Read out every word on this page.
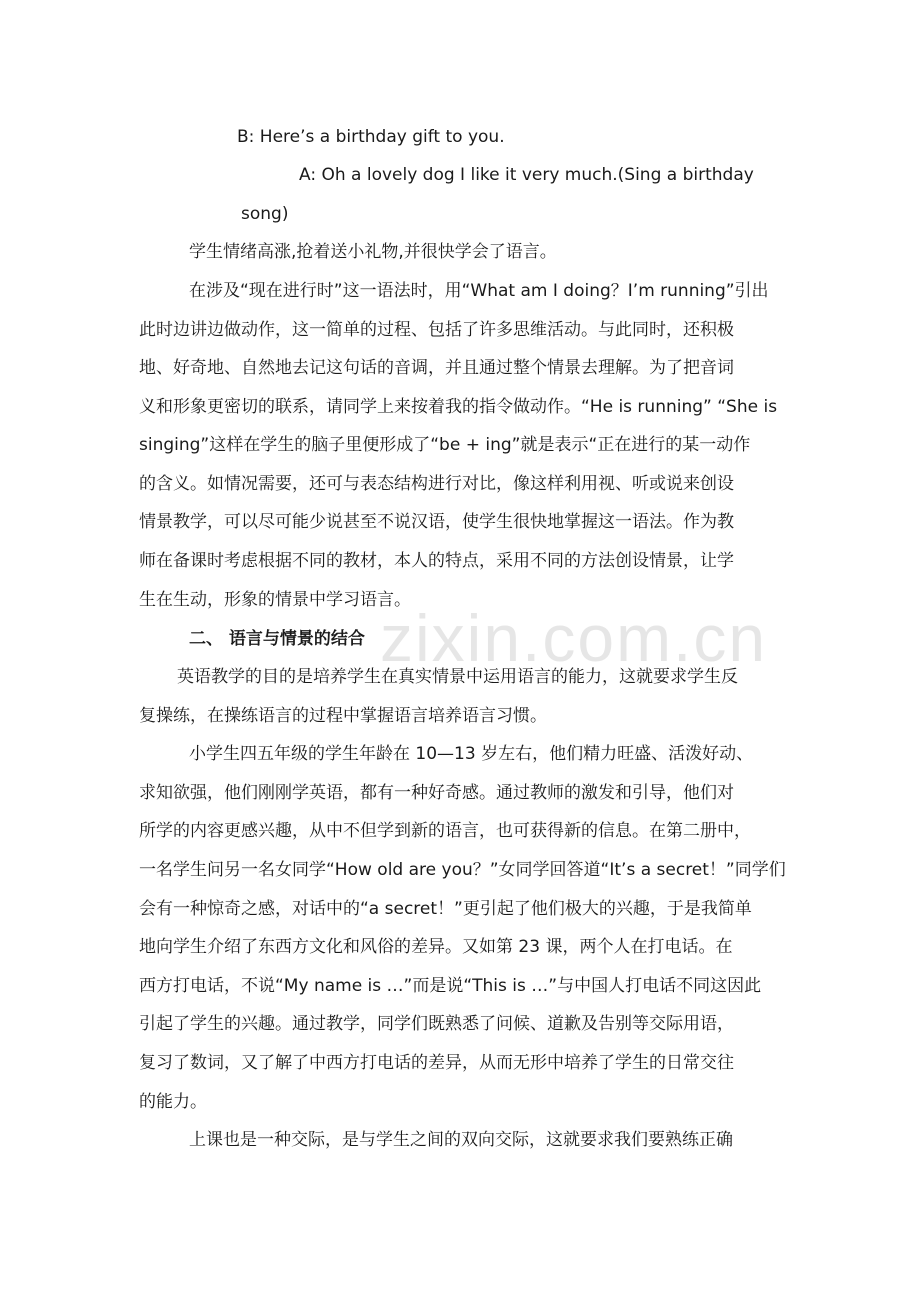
zixin.com.cn
B: Here’s a birthday gift to you.
A: Oh a lovely dog I like it very much.(Sing a birthday
song)
学生情绪高涨,抢着送小礼物,并很快学会了语言。
在涉及“现在进行时”这一语法时，用“What am I doing？I’m running”引出
此时边讲边做动作，这一简单的过程、包括了许多思维活动。与此同时，还积极
地、好奇地、自然地去记这句话的音调，并且通过整个情景去理解。为了把音词
义和形象更密切的联系，请同学上来按着我的指令做动作。“He is running” “She is
singing”这样在学生的脑子里便形成了“be + ing”就是表示“正在进行的某一动作
的含义。如情况需要，还可与表态结构进行对比，像这样利用视、听或说来创设
情景教学，可以尽可能少说甚至不说汉语，使学生很快地掌握这一语法。作为教
师在备课时考虑根据不同的教材，本人的特点，采用不同的方法创设情景，让学
生在生动，形象的情景中学习语言。
二、 语言与情景的结合
英语教学的目的是培养学生在真实情景中运用语言的能力，这就要求学生反
复操练，在操练语言的过程中掌握语言培养语言习惯。
小学生四五年级的学生年龄在 10—13 岁左右，他们精力旺盛、活泼好动、
求知欲强，他们刚刚学英语，都有一种好奇感。通过教师的激发和引导，他们对
所学的内容更感兴趣，从中不但学到新的语言，也可获得新的信息。在第二册中，
一名学生问另一名女同学“How old are you？”女同学回答道“It’s a secret！”同学们
会有一种惊奇之感，对话中的“a secret！”更引起了他们极大的兴趣，于是我简单
地向学生介绍了东西方文化和风俗的差异。又如第 23 课，两个人在打电话。在
西方打电话，不说“My name is …”而是说“This is …”与中国人打电话不同这因此
引起了学生的兴趣。通过教学，同学们既熟悉了问候、道歉及告别等交际用语，
复习了数词，又了解了中西方打电话的差异，从而无形中培养了学生的日常交往
的能力。
上课也是一种交际，是与学生之间的双向交际，这就要求我们要熟练正确
